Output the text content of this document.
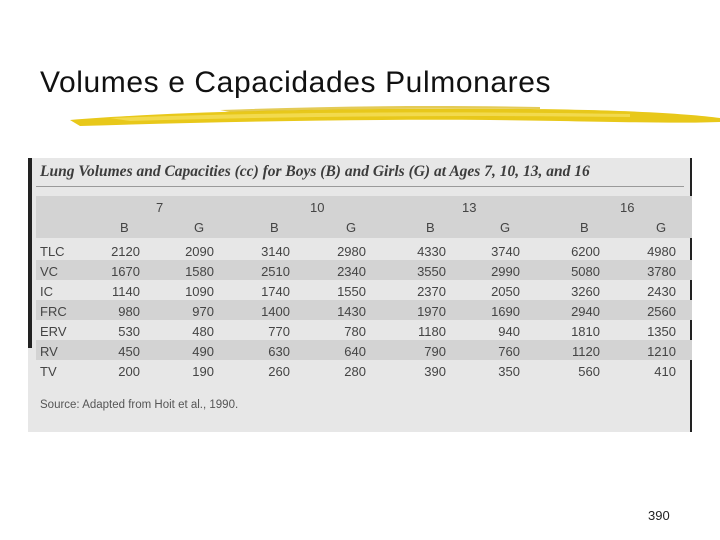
Volumes e Capacidades Pulmonares
Lung Volumes and Capacities (cc) for Boys (B) and Girls (G) at Ages 7, 10, 13, and 16
7	10	13	16
B	G	B	G	B	G	B	G
TLC	2120	2090	3140	2980	4330	3740	6200	4980
VC	1670	1580	2510	2340	3550	2990	5080	3780
IC	1140	1090	1740	1550	2370	2050	3260	2430
FRC	980	970	1400	1430	1970	1690	2940	2560
ERV	530	480	770	780	1180	940	1810	1350
RV	450	490	630	640	790	760	1120	1210
TV	200	190	260	280	390	350	560	410
Source: Adapted from Hoit et al., 1990.
390
